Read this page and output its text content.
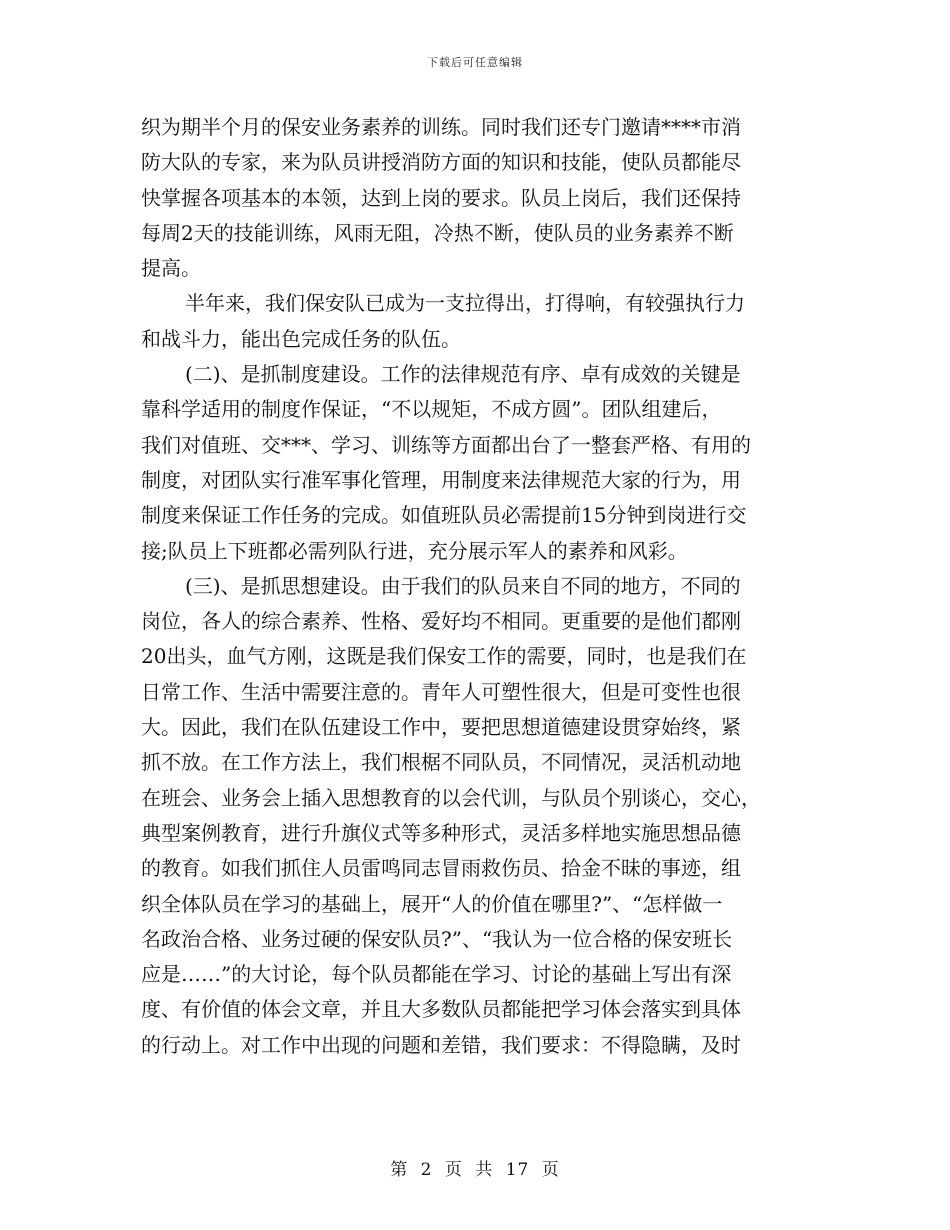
下载后可任意编辑
织为期半个月的保安业务素养的训练。同时我们还专门邀请****市消
防大队的专家，来为队员讲授消防方面的知识和技能，使队员都能尽
快掌握各项基本的本领，达到上岗的要求。队员上岗后，我们还保持
每周2天的技能训练，风雨无阻，冷热不断，使队员的业务素养不断
提高。
半年来，我们保安队已成为一支拉得出，打得响，有较强执行力
和战斗力，能出色完成任务的队伍。
(二)、是抓制度建设。工作的法律规范有序、卓有成效的关键是
靠科学适用的制度作保证，“不以规矩，不成方圆”。团队组建后，
我们对值班、交***、学习、训练等方面都出台了一整套严格、有用的
制度，对团队实行准军事化管理，用制度来法律规范大家的行为，用
制度来保证工作任务的完成。如值班队员必需提前15分钟到岗进行交
接;队员上下班都必需列队行进，充分展示军人的素养和风彩。
(三)、是抓思想建设。由于我们的队员来自不同的地方，不同的
岗位，各人的综合素养、性格、爱好均不相同。更重要的是他们都刚
20出头，血气方刚，这既是我们保安工作的需要，同时，也是我们在
日常工作、生活中需要注意的。青年人可塑性很大，但是可变性也很
大。因此，我们在队伍建设工作中，要把思想道德建设贯穿始终，紧
抓不放。在工作方法上，我们根椐不同队员，不同情况，灵活机动地
在班会、业务会上插入思想教育的以会代训，与队员个别谈心，交心，
典型案例教育，进行升旗仪式等多种形式，灵活多样地实施思想品德
的教育。如我们抓住人员雷鸣同志冒雨救伤员、拾金不昧的事迹，组
织全体队员在学习的基础上，展开“人的价值在哪里?”、“怎样做一
名政治合格、业务过硬的保安队员?”、“我认为一位合格的保安班长
应是……”的大讨论，每个队员都能在学习、讨论的基础上写出有深
度、有价值的体会文章，并且大多数队员都能把学习体会落实到具体
的行动上。对工作中出现的问题和差错，我们要求：不得隐瞒，及时
第 2 页 共 17 页
